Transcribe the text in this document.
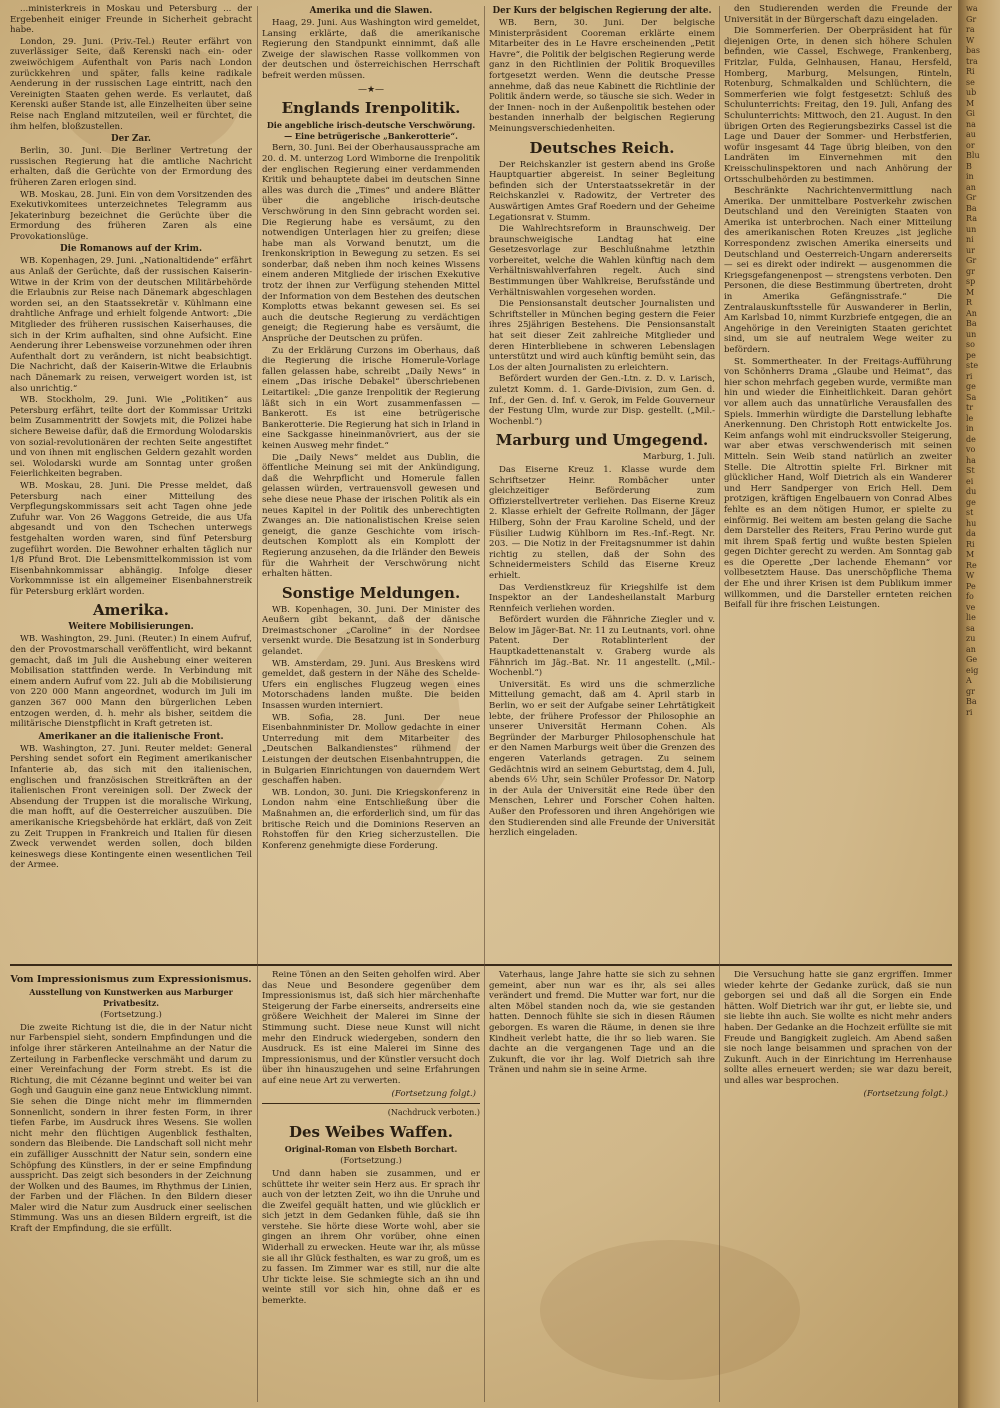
...ministerkreis in Moskau und Petersburg ... der Ergebenheit einiger Freunde in Sicherheit gebracht habe.

London, 29. Juni. (Priv.-Tel.) Reuter erfährt von zuverlässiger Seite, daß Kerenski nach ein- oder zweiwöchigem Aufenthalt von Paris nach London zurückkehren und später, falls keine radikale Aenderung in der russischen Lage eintritt, nach den Vereinigten Staaten gehen werde. Es verlautet, daß Kerenski außer Stande ist, alle Einzelheiten über seine Reise nach England mitzuteilen, weil er fürchtet, die ihm helfen, bloßzustellen.

Der Zar.

Berlin, 30. Juni. Die Berliner Vertretung der russischen Regierung hat die amtliche Nachricht erhalten, daß die Gerüchte von der Ermordung des früheren Zaren erlogen sind.

WB. Moskau, 28. Juni. Ein von dem Vorsitzenden des Exekutivkomitees unterzeichnetes Telegramm aus Jekaterinburg bezeichnet die Gerüchte über die Ermordung des früheren Zaren als eine Provokationslüge.

Die Romanows auf der Krim.

WB. Kopenhagen, 29. Juni. „Nationaltidende“ erfährt aus Anlaß der Gerüchte, daß der russischen Kaiserin-Witwe in der Krim von der deutschen Militärbehörde die Erlaubnis zur Reise nach Dänemark abgeschlagen worden sei, an den Staatssekretär v. Kühlmann eine drahtliche Anfrage und erhielt folgende Antwort: „Die Mitglieder des früheren russischen Kaiserhauses, die sich in der Krim aufhalten, sind ohne Aufsicht. Eine Aenderung ihrer Lebensweise vorzunehmen oder ihren Aufenthalt dort zu verändern, ist nicht beabsichtigt. Die Nachricht, daß der Kaiserin-Witwe die Erlaubnis nach Dänemark zu reisen, verweigert worden ist, ist also unrichtig.“

WB. Stockholm, 29. Juni. Wie „Politiken“ aus Petersburg erfährt, teilte dort der Kommissar Uritzki beim Zusammentritt der Sowjets mit, die Polizei habe sichere Beweise dafür, daß die Ermordung Wolodarskis von sozial-revolutionären der rechten Seite angestiftet und von ihnen mit englischen Geldern gezahlt worden sei. Wolodarski wurde am Sonntag unter großen Feierlichkeiten begraben.

WB. Moskau, 28. Juni. Die Presse meldet, daß Petersburg nach einer Mitteilung des Verpflegungskommissars seit acht Tagen ohne jede Zufuhr war. Von 26 Waggons Getreide, die aus Ufa abgesandt und von den Tschechen unterwegs festgehalten worden waren, sind fünf Petersburg zugeführt worden. Die Bewohner erhalten täglich nur 1/8 Pfund Brot. Die Lebensmittelkommission ist vom Eisenbahnkommissar abhängig. Infolge dieser Vorkommnisse ist ein allgemeiner Eisenbahnerstreik für Petersburg erklärt worden.

Amerika.
Weitere Mobilisierungen.

WB. Washington, 29. Juni. (Reuter.) In einem Aufruf, den der Provostmarschall veröffentlicht, wird bekannt gemacht, daß im Juli die Aushebung einer weiteren Mobilisation stattfinden werde. In Verbindung mit einem andern Aufruf vom 22. Juli ab die Mobilisierung von 220 000 Mann angeordnet, wodurch im Juli im ganzen 367 000 Mann den bürgerlichen Leben entzogen werden, d. h. mehr als bisher, seitdem die militärische Dienstpflicht in Kraft getreten ist.

Amerikaner an die italienische Front.

WB. Washington, 27. Juni. Reuter meldet: General Pershing sendet sofort ein Regiment amerikanischer Infanterie ab, das sich mit den italienischen, englischen und französischen Streitkräften an der italienischen Front vereinigen soll. Der Zweck der Absendung der Truppen ist die moralische Wirkung, die man hofft, auf die Oesterreicher auszuüben. Die amerikanische Kriegsbehörde hat erklärt, daß von Zeit zu Zeit Truppen in Frankreich und Italien für diesen Zweck verwendet werden sollen, doch bilden keineswegs diese Kontingente einen wesentlichen Teil der Armee.

Amerika und die Slawen.

Haag, 29. Juni. Aus Washington wird gemeldet, Lansing erklärte, daß die amerikanische Regierung den Standpunkt einnimmt, daß alle Zweige der slawischen Rasse vollkommen von der deutschen und österreichischen Herrschaft befreit werden müssen.

—★—
Englands Irenpolitik.
Die angebliche irisch-deutsche Verschwörung. — Eine betrügerische „Bankerotterie“.

Bern, 30. Juni. Bei der Oberhausaussprache am 20. d. M. unterzog Lord Wimborne die Irenpolitik der englischen Regierung einer verdammenden Kritik und behauptete dabei im deutschen Sinne alles was durch die „Times“ und andere Blätter über die angebliche irisch-deutsche Verschwörung in den Sinn gebracht worden sei. Die Regierung habe es versäumt, zu den notwendigen Unterlagen hier zu greifen; diese habe man als Vorwand benutzt, um die Irenkonskription in Bewegung zu setzen. Es sei sonderbar, daß neben ihm noch keines Wissens einem anderen Mitgliede der irischen Exekutive trotz der ihnen zur Verfügung stehenden Mittel der Information von dem Bestehen des deutschen Komplotts etwas bekannt gewesen sei. Es sei auch die deutsche Regierung zu verdächtigen geneigt; die Regierung habe es versäumt, die Ansprüche der Deutschen zu prüfen.

Zu der Erklärung Curzons im Oberhaus, daß die Regierung die irische Homerule-Vorlage fallen gelassen habe, schreibt „Daily News“ in einem „Das irische Debakel“ überschriebenen Leitartikel: „Die ganze Irenpolitik der Regierung läßt sich in ein Wort zusammenfassen — Bankerott. Es ist eine betrügerische Bankerotterie. Die Regierung hat sich in Irland in eine Sackgasse hineinmanövriert, aus der sie keinen Ausweg mehr findet.“

Die „Daily News“ meldet aus Dublin, die öffentliche Meinung sei mit der Ankündigung, daß die Wehrpflicht und Homerule fallen gelassen würden, vertrauensvoll gewesen und sehe diese neue Phase der irischen Politik als ein neues Kapitel in der Politik des unberechtigten Zwanges an. Die nationalistischen Kreise seien geneigt, die ganze Geschichte vom irisch-deutschen Komplott als ein Komplott der Regierung anzusehen, da die Irländer den Beweis für die Wahrheit der Verschwörung nicht erhalten hätten.

Sonstige Meldungen.

WB. Kopenhagen, 30. Juni. Der Minister des Aeußern gibt bekannt, daß der dänische Dreimastschoner „Caroline“ in der Nordsee versenkt wurde. Die Besatzung ist in Sonderburg gelandet.

WB. Amsterdam, 29. Juni. Aus Breskens wird gemeldet, daß gestern in der Nähe des Schelde-Ufers ein englisches Flugzeug wegen eines Motorschadens landen mußte. Die beiden Insassen wurden interniert.

WB. Sofia, 28. Juni. Der neue Eisenbahnminister Dr. Mollow gedachte in einer Unterredung mit dem Mitarbeiter des „Deutschen Balkandienstes“ rühmend der Leistungen der deutschen Eisenbahntruppen, die in Bulgarien Einrichtungen von dauerndem Wert geschaffen haben.

WB. London, 30. Juni. Die Kriegskonferenz in London nahm eine Entschließung über die Maßnahmen an, die erforderlich sind, um für das britische Reich und die Dominions Reserven an Rohstoffen für den Krieg sicherzustellen. Die Konferenz genehmigte diese Forderung.

Der Kurs der belgischen Regierung der alte.

WB. Bern, 30. Juni. Der belgische Ministerpräsident Cooreman erklärte einem Mitarbeiter des in Le Havre erscheinenden „Petit Havre“, die Politik der belgischen Regierung werde ganz in den Richtlinien der Politik Broquevilles fortgesetzt werden. Wenn die deutsche Presse annehme, daß das neue Kabinett die Richtlinie der Politik ändern werde, so täusche sie sich. Weder in der Innen- noch in der Außenpolitik bestehen oder bestanden innerhalb der belgischen Regierung Meinungsverschiedenheiten.

Deutsches Reich.

Der Reichskanzler ist gestern abend ins Große Hauptquartier abgereist. In seiner Begleitung befinden sich der Unterstaatssekretär in der Reichskanzlei v. Radowitz, der Vertreter des Auswärtigen Amtes Graf Roedern und der Geheime Legationsrat v. Stumm.

Die Wahlrechtsreform in Braunschweig. Der braunschweigische Landtag hat eine Gesetzesvorlage zur Beschlußnahme letzthin vorbereitet, welche die Wahlen künftig nach dem Verhältniswahlverfahren regelt. Auch sind Bestimmungen über Wahlkreise, Berufsstände und Verhältniswahlen vorgesehen worden.

Die Pensionsanstalt deutscher Journalisten und Schriftsteller in München beging gestern die Feier ihres 25jährigen Bestehens. Die Pensionsanstalt hat seit dieser Zeit zahlreiche Mitglieder und deren Hinterbliebene in schweren Lebenslagen unterstützt und wird auch künftig bemüht sein, das Los der alten Journalisten zu erleichtern.

Befördert wurden der Gen.-Ltn. z. D. v. Larisch, zuletzt Komm. d. 1. Garde-Division, zum Gen. d. Inf., der Gen. d. Inf. v. Gerok, im Felde Gouverneur der Festung Ulm, wurde zur Disp. gestellt. („Mil.-Wochenbl.“)

Marburg und Umgegend.
Marburg, 1. Juli.

Das Eiserne Kreuz 1. Klasse wurde dem Schriftsetzer Heinr. Rombächer unter gleichzeitiger Beförderung zum Offizierstellvertreter verliehen. Das Eiserne Kreuz 2. Klasse erhielt der Gefreite Rollmann, der Jäger Hilberg, Sohn der Frau Karoline Scheld, und der Füsilier Ludwig Kühlborn im Res.-Inf.-Regt. Nr. 203. — Die Notiz in der Freitagsnummer ist dahin richtig zu stellen, daß der Sohn des Schneidermeisters Schild das Eiserne Kreuz erhielt.

Das Verdienstkreuz für Kriegshilfe ist dem Inspektor an der Landesheilanstalt Marburg Rennfeich verliehen worden.

Befördert wurden die Fähnriche Ziegler und v. Below im Jäger-Bat. Nr. 11 zu Leutnants, vorl. ohne Patent. Der Rotablinterlent der Hauptkadettenanstalt v. Graberg wurde als Fähnrich im Jäg.-Bat. Nr. 11 angestellt. („Mil.-Wochenbl.“)

Universität. Es wird uns die schmerzliche Mitteilung gemacht, daß am 4. April starb in Berlin, wo er seit der Aufgabe seiner Lehrtätigkeit lebte, der frühere Professor der Philosophie an unserer Universität Hermann Cohen. Als Begründer der Marburger Philosophenschule hat er den Namen Marburgs weit über die Grenzen des engeren Vaterlands getragen. Zu seinem Gedächtnis wird an seinem Geburtstag, dem 4. Juli, abends 6½ Uhr, sein Schüler Professor Dr. Natorp in der Aula der Universität eine Rede über den Menschen, Lehrer und Forscher Cohen halten. Außer den Professoren und ihren Angehörigen wie den Studierenden sind alle Freunde der Universität herzlich eingeladen.

den Studierenden werden die Freunde der Universität in der Bürgerschaft dazu eingeladen.

Die Sommerferien. Der Oberpräsident hat für diejenigen Orte, in denen sich höhere Schulen befinden, wie Cassel, Eschwege, Frankenberg, Fritzlar, Fulda, Gelnhausen, Hanau, Hersfeld, Homberg, Marburg, Melsungen, Rinteln, Rotenburg, Schmalkalden und Schlüchtern, die Sommerferien wie folgt festgesetzt: Schluß des Schulunterrichts: Freitag, den 19. Juli, Anfang des Schulunterrichts: Mittwoch, den 21. August. In den übrigen Orten des Regierungsbezirks Cassel ist die Lage und Dauer der Sommer- und Herbstferien, wofür insgesamt 44 Tage übrig bleiben, von den Landräten im Einvernehmen mit den Kreisschulinspektoren und nach Anhörung der Ortsschulbehörden zu bestimmen.

Beschränkte Nachrichtenvermittlung nach Amerika. Der unmittelbare Postverkehr zwischen Deutschland und den Vereinigten Staaten von Amerika ist unterbrochen. Nach einer Mitteilung des amerikanischen Roten Kreuzes „ist jegliche Korrespondenz zwischen Amerika einerseits und Deutschland und Oesterreich-Ungarn andererseits — sei es direkt oder indirekt — ausgenommen die Kriegsgefangenenpost — strengstens verboten. Den Personen, die diese Bestimmung übertreten, droht in Amerika Gefängnisstrafe.“ Die Zentralauskunftsstelle für Auswanderer in Berlin, Am Karlsbad 10, nimmt Kurzbriefe entgegen, die an Angehörige in den Vereinigten Staaten gerichtet sind, um sie auf neutralem Wege weiter zu befördern.

St. Sommertheater. In der Freitags-Aufführung von Schönherrs Drama „Glaube und Heimat“, das hier schon mehrfach gegeben wurde, vermißte man hin und wieder die Einheitlichkeit. Daran gehört vor allem auch das unnatürliche Verausfallen des Spiels. Immerhin würdigte die Darstellung lebhafte Anerkennung. Den Christoph Rott entwickelte Jos. Keim anfangs wohl mit eindrucksvoller Steigerung, war aber etwas verschwenderisch mit seinen Mitteln. Sein Weib stand natürlich an zweiter Stelle. Die Altrottin spielte Frl. Birkner mit glücklicher Hand, Wolf Dietrich als ein Wanderer und Herr Sandperger von Erich Hell. Dem protzigen, kräftigen Engelbauern von Conrad Albes fehlte es an dem nötigen Humor, er spielte zu einförmig. Bei weitem am besten gelang die Sache dem Darsteller des Reiters, Frau Perino wurde gut mit ihrem Spaß fertig und wußte besten Spielen gegen Dichter gerecht zu werden. Am Sonntag gab es die Operette „Der lachende Ehemann“ vor vollbesetztem Hause. Das unerschöpfliche Thema der Ehe und ihrer Krisen ist dem Publikum immer willkommen, und die Darsteller ernteten reichen Beifall für ihre frischen Leistungen.

Vom Impressionismus zum Expressionismus.
Ausstellung von Kunstwerken aus Marburger Privatbesitz.
(Fortsetzung.)

Die zweite Richtung ist die, die in der Natur nicht nur Farbenspiel sieht, sondern Empfindungen und die infolge ihrer stärkeren Anteilnahme an der Natur die Zerteilung in Farbenflecke verschmäht und darum zu einer Vereinfachung der Form strebt. Es ist die Richtung, die mit Cézanne beginnt und weiter bei van Gogh und Gauguin eine ganz neue Entwicklung nimmt. Sie sehen die Dinge nicht mehr im flimmernden Sonnenlicht, sondern in ihrer festen Form, in ihrer tiefen Farbe, im Ausdruck ihres Wesens. Sie wollen nicht mehr den flüchtigen Augenblick festhalten, sondern das Bleibende. Die Landschaft soll nicht mehr ein zufälliger Ausschnitt der Natur sein, sondern eine Schöpfung des Künstlers, in der er seine Empfindung ausspricht. Das zeigt sich besonders in der Zeichnung der Wolken und des Baumes, im Rhythmus der Linien, der Farben und der Flächen. In den Bildern dieser Maler wird die Natur zum Ausdruck einer seelischen Stimmung. Was uns an diesen Bildern ergreift, ist die Kraft der Empfindung, die sie erfüllt.

Reine Tönen an den Seiten geholfen wird. Aber das Neue und Besondere gegenüber dem Impressionismus ist, daß sich hier märchenhafte Steigerung der Farbe einerseits, andrerseits eine größere Weichheit der Malerei im Sinne der Stimmung sucht. Diese neue Kunst will nicht mehr den Eindruck wiedergeben, sondern den Ausdruck. Es ist eine Malerei im Sinne des Impressionismus, und der Künstler versucht doch über ihn hinauszugehen und seine Erfahrungen auf eine neue Art zu verwerten.

(Fortsetzung folgt.)
(Nachdruck verboten.)
Des Weibes Waffen.
Original-Roman von Elsbeth Borchart.
(Fortsetzung.)

Und dann haben sie zusammen, und er schüttete ihr weiter sein Herz aus. Er sprach ihr auch von der letzten Zeit, wo ihn die Unruhe und die Zweifel gequält hatten, und wie glücklich er sich jetzt in dem Gedanken fühle, daß sie ihn verstehe. Sie hörte diese Worte wohl, aber sie gingen an ihrem Ohr vorüber, ohne einen Widerhall zu erwecken. Heute war ihr, als müsse sie all ihr Glück festhalten, es war zu groß, um es zu fassen. Im Zimmer war es still, nur die alte Uhr tickte leise. Sie schmiegte sich an ihn und weinte still vor sich hin, ohne daß er es bemerkte.

Vaterhaus, lange Jahre hatte sie sich zu sehnen gemeint, aber nun war es ihr, als sei alles verändert und fremd. Die Mutter war fort, nur die alten Möbel standen noch da, wie sie gestanden hatten. Dennoch fühlte sie sich in diesen Räumen geborgen. Es waren die Räume, in denen sie ihre Kindheit verlebt hatte, die ihr so lieb waren. Sie dachte an die vergangenen Tage und an die Zukunft, die vor ihr lag. Wolf Dietrich sah ihre Tränen und nahm sie in seine Arme.

Die Versuchung hatte sie ganz ergriffen. Immer wieder kehrte der Gedanke zurück, daß sie nun geborgen sei und daß all die Sorgen ein Ende hätten. Wolf Dietrich war ihr gut, er liebte sie, und sie liebte ihn auch. Sie wollte es nicht mehr anders haben. Der Gedanke an die Hochzeit erfüllte sie mit Freude und Bangigkeit zugleich. Am Abend saßen sie noch lange beisammen und sprachen von der Zukunft. Auch in der Einrichtung im Herrenhause sollte alles erneuert werden; sie war dazu bereit, und alles war besprochen.

(Fortsetzung folgt.)
wa
Gr
ra
W
bas
tra
Ri
se
ub
M
Gi
na
au
or
Blu
B
in
an
Gr
Ba
Ra
un
ni
ur
Gr
gr
sp
M
R
An
Ba
un
so
pe
ste
ri
ge
Sa
tr
le
in
de
vo
ha
St
ei
du
ge
st
hu
da
Ri
M
Re
W
Pe
fo
ve
lie
sa
zu
an
Ge
eig
A
gr
Ba
ri
